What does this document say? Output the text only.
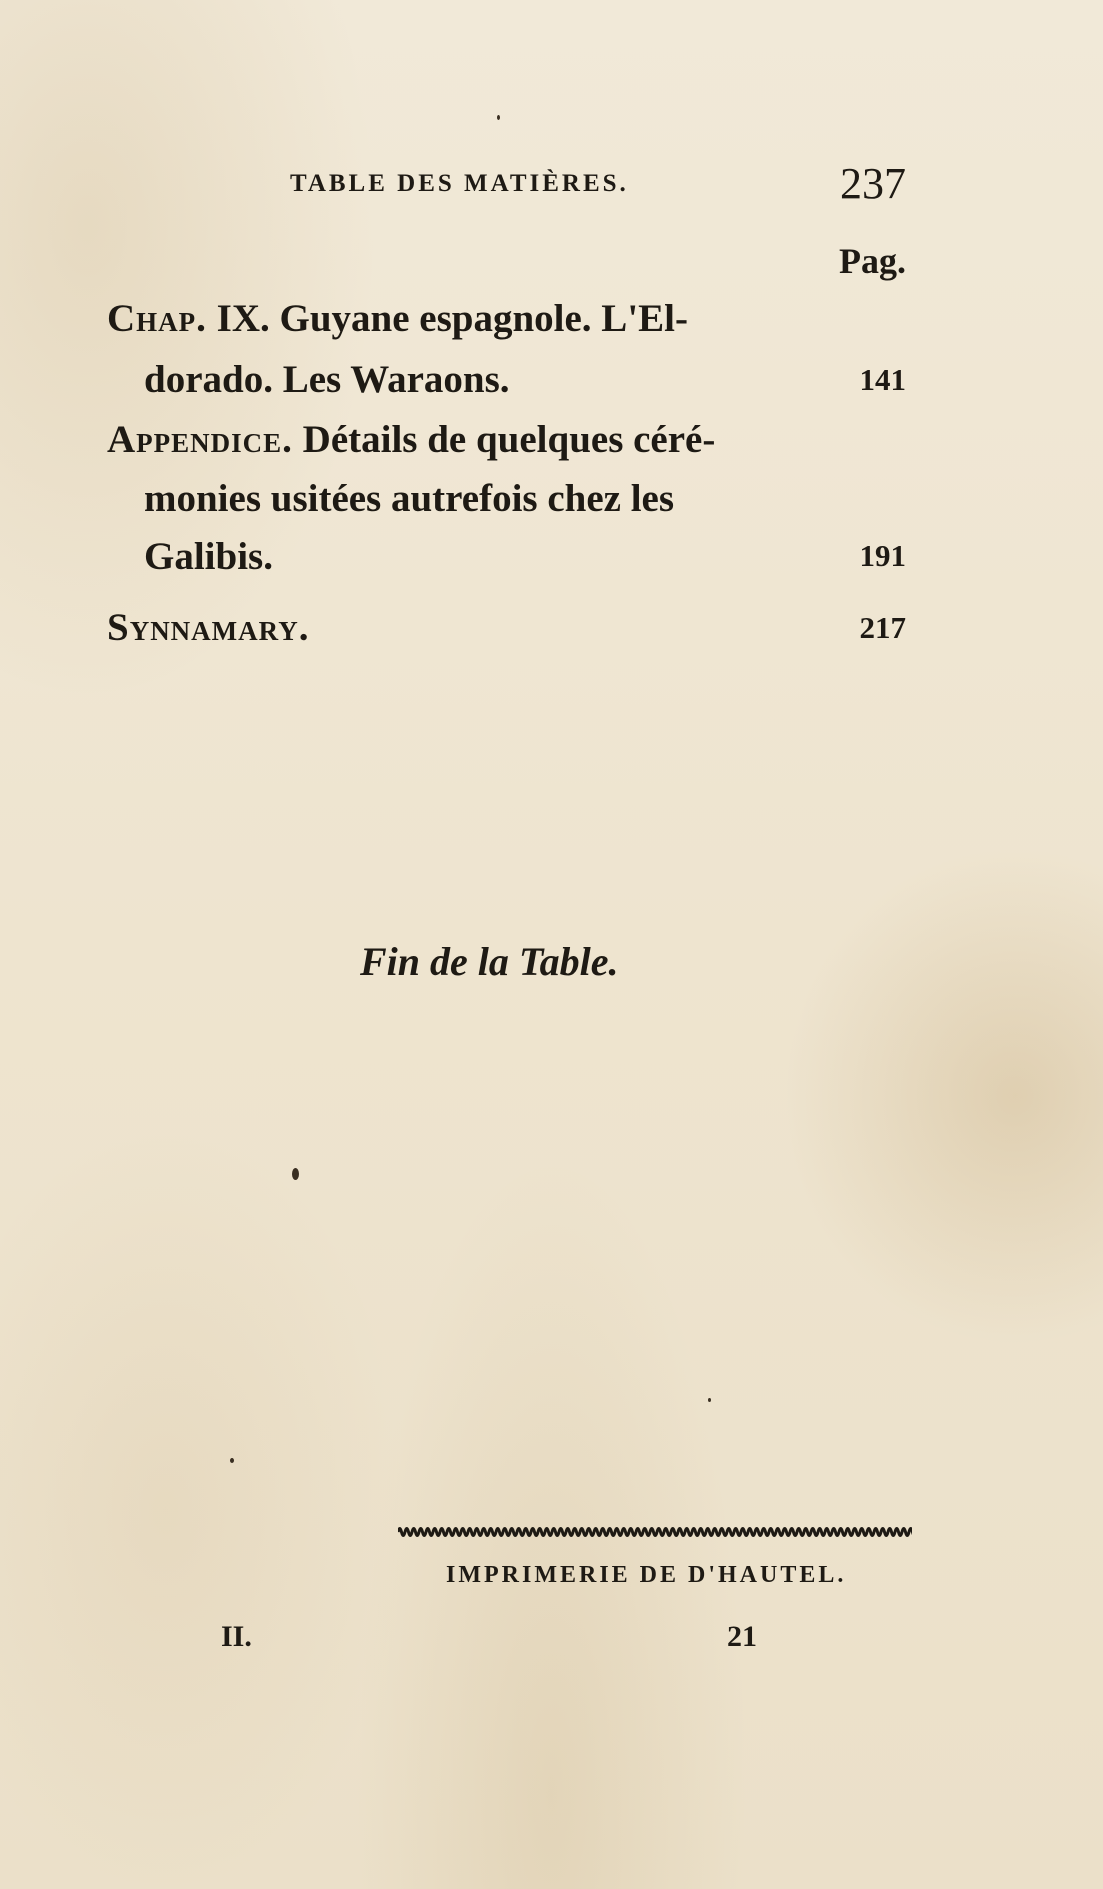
TABLE DES MATIÈRES.	237
Pag.
Chap. IX. Guyane espagnole. L'El-
dorado. Les Waraons.	141
Appendice. Détails de quelques céré-
monies usitées autrefois chez les
Galibis.	191
Synnamary.	217
Fin de la Table.
IMPRIMERIE DE D'HAUTEL.
II.	21
